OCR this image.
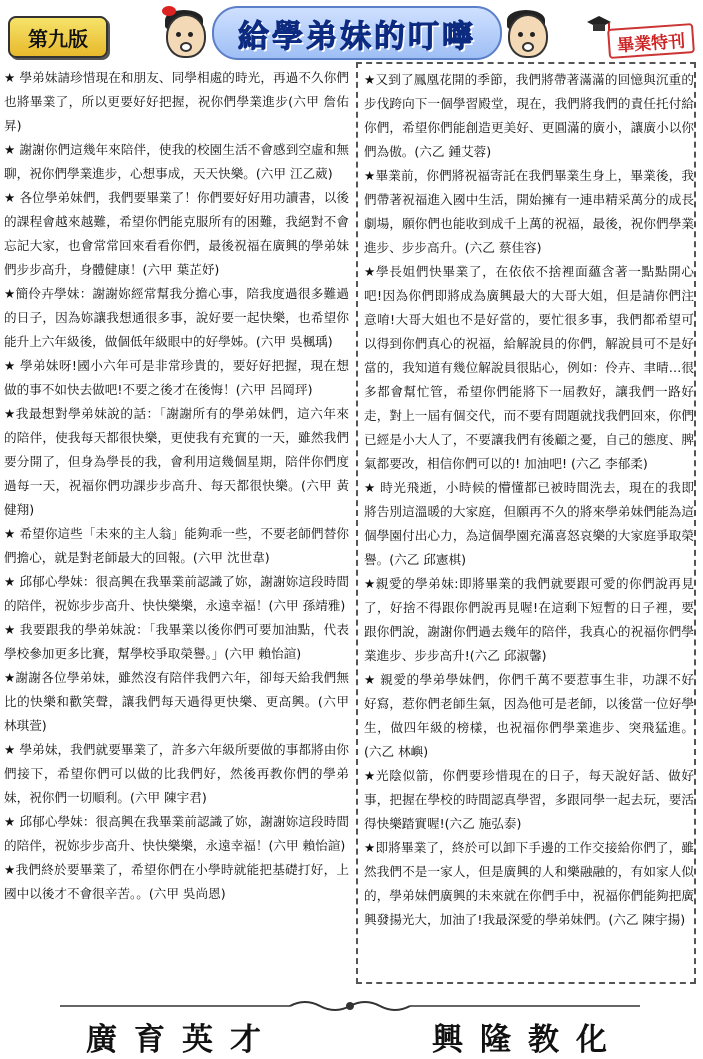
第九版	給學弟妹的叮嚀	畢業特刊

★ 學弟妹請珍惜現在和朋友、同學相處的時光，再過不久你們也將畢業了，所以更要好好把握，祝你們學業進步(六甲 詹佑昇)

★ 謝謝你們這幾年來陪伴，使我的校園生活不會感到空虛和無聊，祝你們學業進步，心想事成，天天快樂。(六甲 江乙葳)

★ 各位學弟妹們，我們要畢業了！你們要好好用功讀書，以後的課程會越來越難，希望你們能克服所有的困難，我絕對不會忘記大家，也會常常回來看看你們，最後祝福在廣興的學弟妹們步步高升，身體健康！(六甲 葉芷妤)

★簡伶卉學妹：謝謝妳經常幫我分擔心事，陪我度過很多難過的日子，因為妳讓我想通很多事，說好要一起快樂，也希望你能升上六年級後，做個低年級眼中的好學姊。(六甲 吳楓瑀)

★ 學弟妹呀!國小六年可是非常珍貴的，要好好把握，現在想做的事不如快去做吧!不要之後才在後悔！(六甲 呂岡玶)

★我最想對學弟妹說的話：「謝謝所有的學弟妹們，這六年來的陪伴，使我每天都很快樂，更使我有充實的一天，雖然我們要分開了，但身為學長的我，會利用這幾個星期，陪伴你們度過每一天，祝福你們功課步步高升、每天都很快樂。(六甲 黃健翔)

★ 希望你這些「未來的主人翁」能夠乖一些，不要老師們替你們擔心，就是對老師最大的回報。(六甲 沈世韋)

★ 邱郁心學妹：很高興在我畢業前認識了妳，謝謝妳這段時間的陪伴，祝妳步步高升、快快樂樂，永遠幸福！(六甲 孫靖雅)

★ 我要跟我的學弟妹說：「我畢業以後你們可要加油點，代表學校參加更多比賽，幫學校爭取榮譽。」(六甲 賴怡諠)

★謝謝各位學弟妹，雖然沒有陪伴我們六年，卻每天給我們無比的快樂和歡笑聲，讓我們每天過得更快樂、更高興。(六甲 林琪萱)

★ 學弟妹，我們就要畢業了，許多六年級所要做的事都將由你們接下，希望你們可以做的比我們好，然後再教你們的學弟妹，祝你們一切順利。(六甲 陳宇君)

★ 邱郁心學妹：很高興在我畢業前認識了妳，謝謝妳這段時間的陪伴，祝妳步步高升、快快樂樂，永遠幸福！(六甲 賴怡諠)

★我們終於要畢業了，希望你們在小學時就能把基礎打好，上國中以後才不會很辛苦。。(六甲 吳尚恩)

★又到了鳳凰花開的季節，我們將帶著滿滿的回憶與沉重的步伐跨向下一個學習殿堂，現在，我們將我們的責任托付給你們，希望你們能創造更美好、更圓滿的廣小，讓廣小以你們為傲。(六乙 鍾艾蓉)

★畢業前，你們將祝福寄託在我們畢業生身上，畢業後，我們帶著祝福進入國中生活，開始擁有一連串精采萬分的成長劇場，願你們也能收到成千上萬的祝福，最後，祝你們學業進步、步步高升。(六乙 蔡佳容)

★學長姐們快畢業了，在依依不捨裡面蘊含著一點點開心吧!因為你們即將成為廣興最大的大哥大姐，但是請你們注意唷!大哥大姐也不是好當的，要忙很多事，我們都希望可以得到你們真心的祝福，給解說員的你們，解說員可不是好當的，我知道有幾位解說員很貼心，例如：伶卉、聿晴…很多都會幫忙管，希望你們能將下一屆教好，讓我們一路好走，對上一屆有個交代，而不要有問題就找我們回來，你們已經是小大人了，不要讓我們有後顧之憂，自己的態度、脾氣都要改，相信你們可以的! 加油吧! (六乙 李郁柔)

★ 時光飛逝，小時候的懵懂都已被時間洗去，現在的我即將告別這溫暖的大家庭，但願再不久的將來學弟妹們能為這個學園付出心力，為這個學園充滿喜怒哀樂的大家庭爭取榮譽。(六乙 邱憲棋)

★親愛的學弟妹:即將畢業的我們就要跟可愛的你們說再見了，好捨不得跟你們說再見喔!在這剩下短暫的日子裡，要跟你們說，謝謝你們過去幾年的陪伴，我真心的祝福你們學業進步、步步高升!(六乙 邱淑馨)

★ 親愛的學弟學妹們，你們千萬不要惹事生非，功課不好好寫，惹你們老師生氣，因為他可是老師，以後當一位好學生，做四年級的榜樣，也祝福你們學業進步、突飛猛進。(六乙 林嶼)

★光陰似箭，你們要珍惜現在的日子，每天說好話、做好事，把握在學校的時間認真學習，多跟同學一起去玩，要活得快樂踏實喔!(六乙 施弘泰)

★即將畢業了，終於可以卸下手邊的工作交接給你們了，雖然我們不是一家人，但是廣興的人和樂融融的，有如家人似的，學弟妹們廣興的未來就在你們手中，祝福你們能夠把廣興發揚光大，加油了!我最深愛的學弟妹們。(六乙 陳宇揚)

廣育英才	興隆教化
